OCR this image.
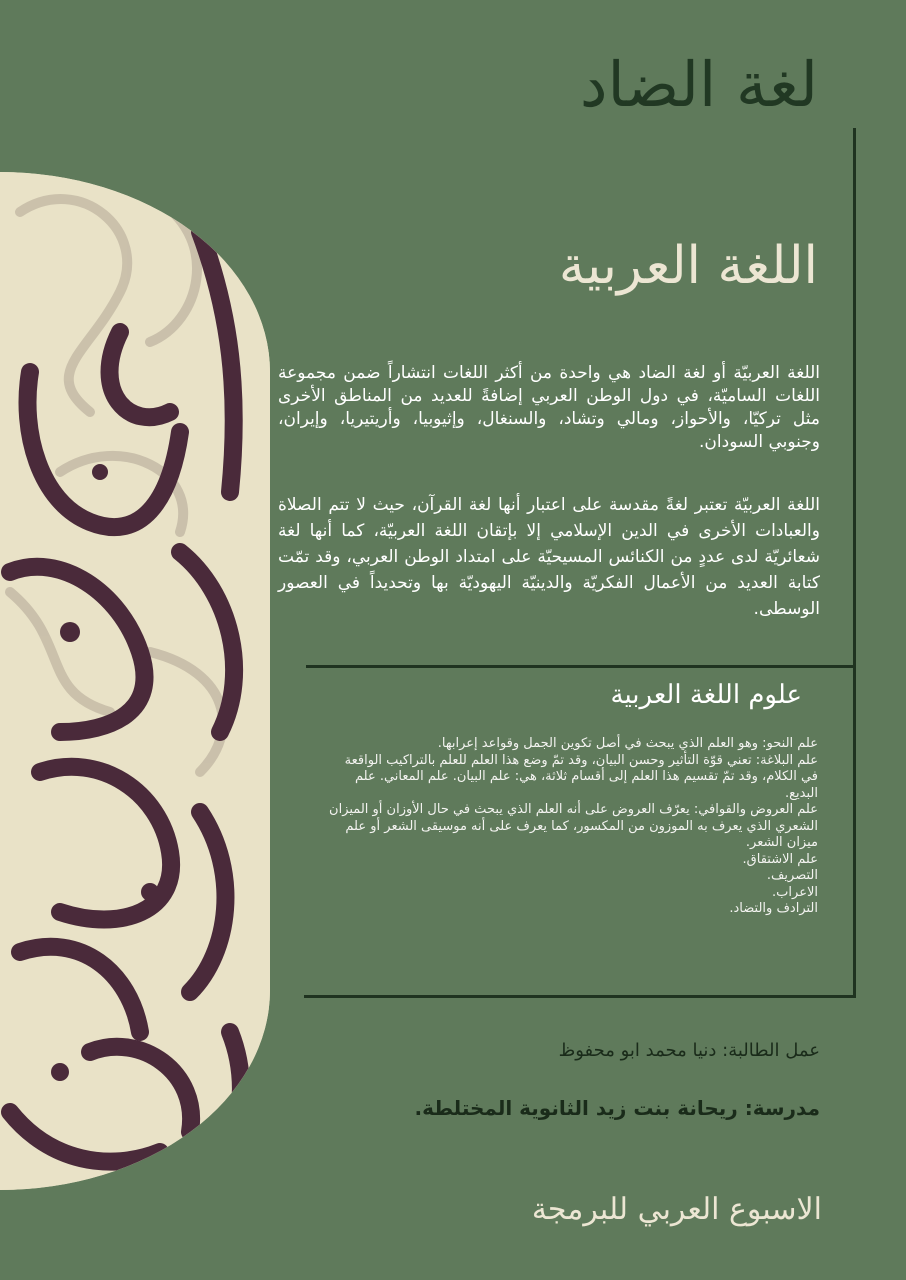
لغة الضاد
اللغة العربية

اللغة العربيّة أو لغة الضاد هي واحدة من أكثر اللغات انتشاراً ضمن مجموعة اللغات الساميّة، في دول الوطن العربي إضافةً للعديد من المناطق الأخرى مثل تركيّا، والأحواز، ومالي وتشاد، والسنغال، وإثيوبيا، وأريتيريا، وإيران، وجنوبي السودان.

اللغة العربيّة تعتبر لغةً مقدسة على اعتبار أنها لغة القرآن، حيث لا تتم الصلاة والعبادات الأخرى في الدين الإسلامي إلا بإتقان اللغة العربيّة، كما أنها لغة شعائريّة لدى عددٍ من الكنائس المسيحيّة على امتداد الوطن العربي، وقد تمّت كتابة العديد من الأعمال الفكريّة والدينيّة اليهوديّة بها وتحديداً في العصور الوسطى.

علوم اللغة العربية
علم النحو: وهو العلم الذي يبحث في أصل تكوين الجمل وقواعد إعرابها.
علم البلاغة: تعني قوّة التأثير وحسن البيان، وقد تمّ وضع هذا العلم للعلم بالتراكيب الواقعة في الكلام، وقد تمّ تقسيم هذا العلم إلى أقسام ثلاثة، هي: علم البيان. علم المعاني. علم البديع.
علم العروض والقوافي: يعرّف العروض على أنه العلم الذي يبحث في حال الأوزان أو الميزان الشعري الذي يعرف به الموزون من المكسور، كما يعرف على أنه موسيقى الشعر أو علم ميزان الشعر.
علم الاشتقاق.
التصريف.
الاعراب.
الترادف والتضاد.
عمل الطالبة: دنيا محمد ابو محفوظ
مدرسة: ريحانة بنت زيد الثانوية المختلطة.
الاسبوع العربي للبرمجة
